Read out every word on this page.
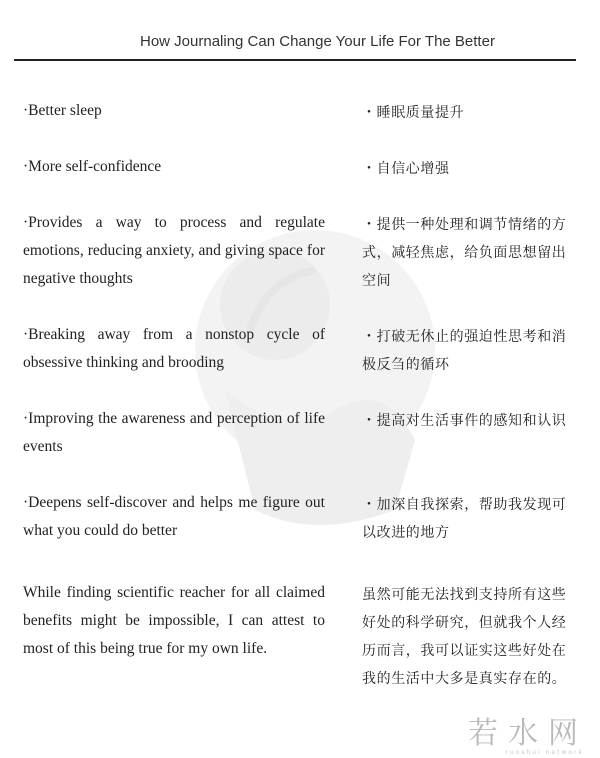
How Journaling Can Change Your Life For The Better
·Better sleep	・睡眠质量提升
·More self-confidence	・自信心增强
·Provides a way to process and regulate emotions, reducing anxiety, and giving space for negative thoughts
・提供一种处理和调节情绪的方式，减轻焦虑，给负面思想留出空间
·Breaking away from a nonstop cycle of obsessive thinking and brooding
・打破无休止的强迫性思考和消极反刍的循环
·Improving the awareness and perception of life events
・提高对生活事件的感知和认识
·Deepens self-discover and helps me figure out what you could do better
・加深自我探索，帮助我发现可以改进的地方
While finding scientific reacher for all claimed benefits might be impossible, I can attest to most of this being true for my own life.
虽然可能无法找到支持所有这些好处的科学研究，但就我个人经历而言，我可以证实这些好处在我的生活中大多是真实存在的。
若水网
ruoshui network
